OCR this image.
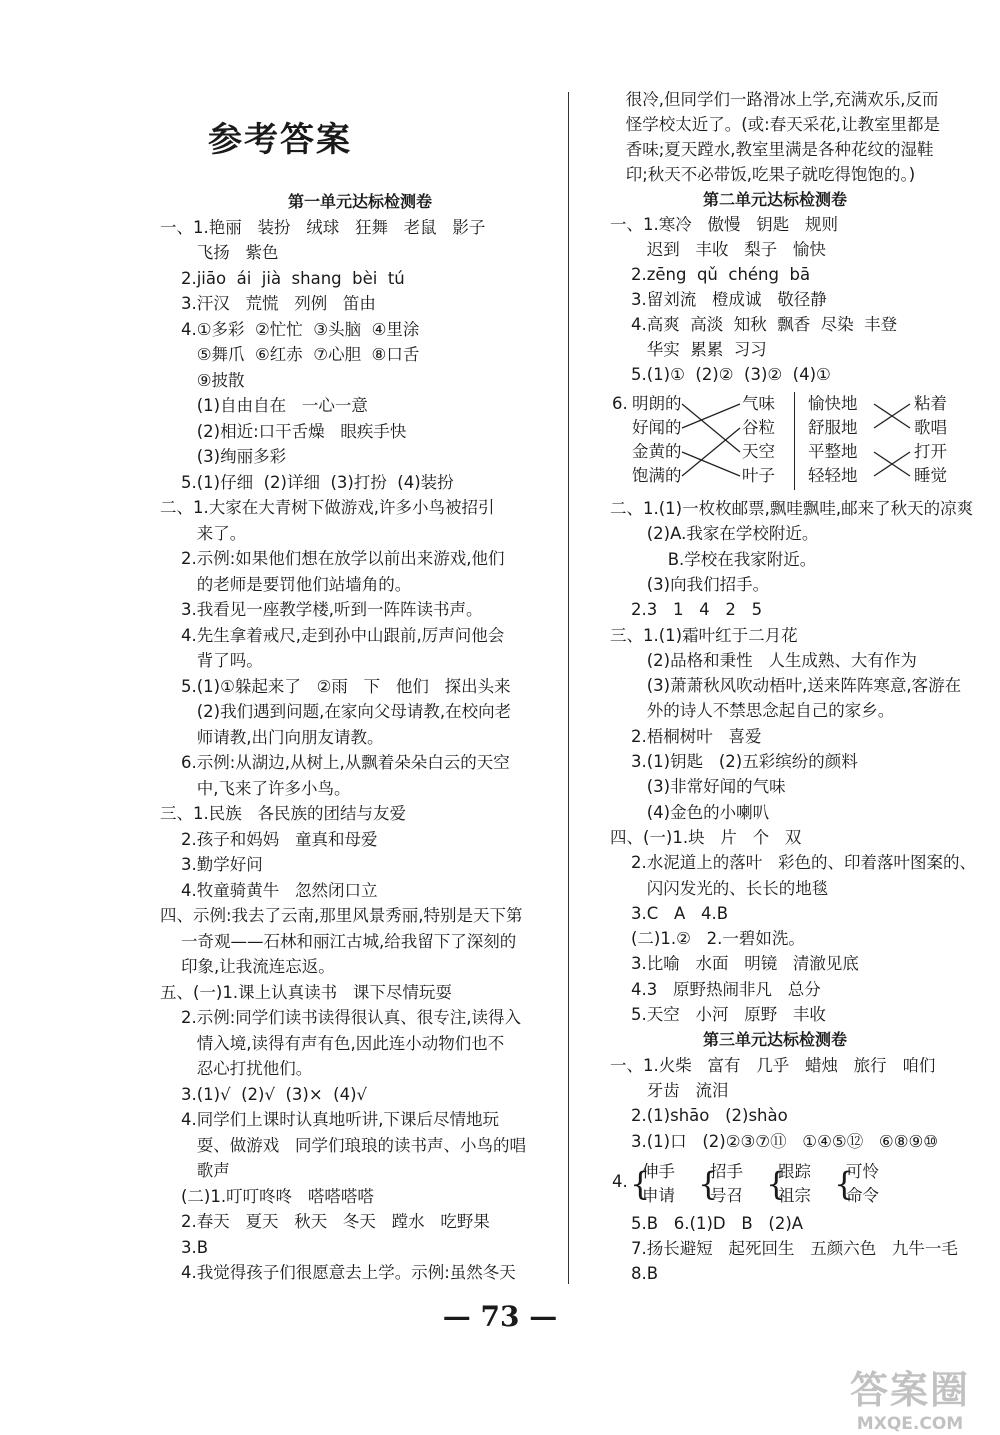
参考答案
第一单元达标检测卷
一、1.艳丽   装扮   绒球   狂舞   老鼠   影子
飞扬   紫色
2.jiāo  ái  jià  shang  bèi  tú
3.汗汉   荒慌   列例   笛由
4.①多彩  ②忙忙  ③头脑  ④里涂
⑤舞爪  ⑥红赤  ⑦心胆  ⑧口舌
⑨披散
(1)自由自在   一心一意
(2)相近:口干舌燥   眼疾手快
(3)绚丽多彩
5.(1)仔细  (2)详细  (3)打扮  (4)装扮
二、1.大家在大青树下做游戏,许多小鸟被招引
来了。
2.示例:如果他们想在放学以前出来游戏,他们
的老师是要罚他们站墙角的。
3.我看见一座教学楼,听到一阵阵读书声。
4.先生拿着戒尺,走到孙中山跟前,厉声问他会
背了吗。
5.(1)①躲起来了   ②雨   下   他们   探出头来
(2)我们遇到问题,在家向父母请教,在校向老
师请教,出门向朋友请教。
6.示例:从湖边,从树上,从飘着朵朵白云的天空
中,飞来了许多小鸟。
三、1.民族   各民族的团结与友爱
2.孩子和妈妈   童真和母爱
3.勤学好问
4.牧童骑黄牛   忽然闭口立
四、示例:我去了云南,那里风景秀丽,特别是天下第
一奇观——石林和丽江古城,给我留下了深刻的
印象,让我流连忘返。
五、(一)1.课上认真读书   课下尽情玩耍
2.示例:同学们读书读得很认真、很专注,读得入
情入境,读得有声有色,因此连小动物们也不
忍心打扰他们。
3.(1)√  (2)√  (3)×  (4)√
4.同学们上课时认真地听讲,下课后尽情地玩
耍、做游戏   同学们琅琅的读书声、小鸟的唱
歌声
(二)1.叮叮咚咚   嗒嗒嗒嗒
2.春天   夏天   秋天   冬天   蹚水   吃野果
3.B
4.我觉得孩子们很愿意去上学。示例:虽然冬天
很冷,但同学们一路滑冰上学,充满欢乐,反而
怪学校太近了。(或:春天采花,让教室里都是
香味;夏天蹚水,教室里满是各种花纹的湿鞋
印;秋天不必带饭,吃果子就吃得饱饱的。)
第二单元达标检测卷
一、1.寒冷   傲慢   钥匙   规则
迟到   丰收   梨子   愉快
2.zēng  qǔ  chéng  bā
3.留刘流   橙成诚   敬径静
4.高爽  高淡  知秋  飘香  尽染  丰登
华实  累累  习习
5.(1)①  (2)②  (3)②  (4)①
二、1.(1)一枚枚邮票,飘哇飘哇,邮来了秋天的凉爽
(2)A.我家在学校附近。
B.学校在我家附近。
(3)向我们招手。
2.3   1   4   2   5
三、1.(1)霜叶红于二月花
(2)品格和秉性   人生成熟、大有作为
(3)萧萧秋风吹动梧叶,送来阵阵寒意,客游在
外的诗人不禁思念起自己的家乡。
2.梧桐树叶   喜爱
3.(1)钥匙   (2)五彩缤纷的颜料
(3)非常好闻的气味
(4)金色的小喇叭
四、(一)1.块   片   个   双
2.水泥道上的落叶   彩色的、印着落叶图案的、
闪闪发光的、长长的地毯
3.C   A   4.B
(二)1.②   2.一碧如洗。
3.比喻   水面   明镜   清澈见底
4.3   原野热闹非凡   总分
5.天空   小河   原野   丰收
第三单元达标检测卷
一、1.火柴   富有   几乎   蜡烛   旅行   咱们
牙齿   流泪
2.(1)shāo   (2)shào
3.(1)口   (2)②③⑦⑪   ①④⑤⑫   ⑥⑧⑨⑩
5.B   6.(1)D   B   (2)A
7.扬长避短   起死回生   五颜六色   九牛一毛
8.B
6. 明朗的
好闻的
金黄的
饱满的
气味
谷粒
天空
叶子
愉快地
舒服地
平整地
轻轻地
粘着
歌唱
打开
睡觉
4. {
伸手
申请 {
招手
号召 {
跟踪
祖宗 {
可怜
命令
— 73 —
答案圈
MXQE.COM
